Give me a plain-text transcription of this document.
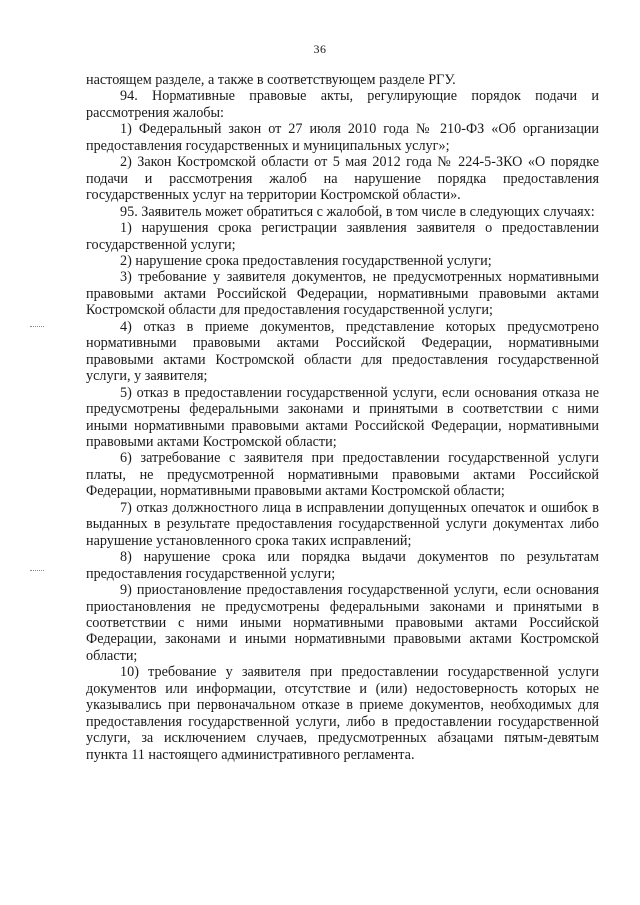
36

настоящем разделе, а также в соответствующем разделе РГУ.

94. Нормативные правовые акты, регулирующие порядок подачи и рассмотрения жалобы:

1) Федеральный закон от 27 июля 2010 года № 210-ФЗ «Об организации предоставления государственных и муниципальных услуг»;

2) Закон Костромской области от 5 мая 2012 года № 224-5-ЗКО «О порядке подачи и рассмотрения жалоб на нарушение порядка предоставления государственных услуг на территории Костромской области».

95. Заявитель может обратиться с жалобой, в том числе в следующих случаях:

1) нарушения срока регистрации заявления заявителя о предоставлении государственной услуги;

2) нарушение срока предоставления государственной услуги;

3) требование у заявителя документов, не предусмотренных нормативными правовыми актами Российской Федерации, нормативными правовыми актами Костромской области для предоставления государственной услуги;

4) отказ в приеме документов, представление которых предусмотрено нормативными правовыми актами Российской Федерации, нормативными правовыми актами Костромской области для предоставления государственной услуги, у заявителя;

5) отказ в предоставлении государственной услуги, если основания отказа не предусмотрены федеральными законами и принятыми в соответствии с ними иными нормативными правовыми актами Российской Федерации, нормативными правовыми актами Костромской области;

6) затребование с заявителя при предоставлении государственной услуги платы, не предусмотренной нормативными правовыми актами Российской Федерации, нормативными правовыми актами Костромской области;

7) отказ должностного лица в исправлении допущенных опечаток и ошибок в выданных в результате предоставления государственной услуги документах либо нарушение установленного срока таких исправлений;

8) нарушение срока или порядка выдачи документов по результатам предоставления государственной услуги;

9) приостановление предоставления государственной услуги, если основания приостановления не предусмотрены федеральными законами и принятыми в соответствии с ними иными нормативными правовыми актами Российской Федерации, законами и иными нормативными правовыми актами Костромской области;

10) требование у заявителя при предоставлении государственной услуги документов или информации, отсутствие и (или) недостоверность которых не указывались при первоначальном отказе в приеме документов, необходимых для предоставления государственной услуги, либо в предоставлении государственной услуги, за исключением случаев, предусмотренных абзацами пятым-девятым пункта 11 настоящего административного регламента.
